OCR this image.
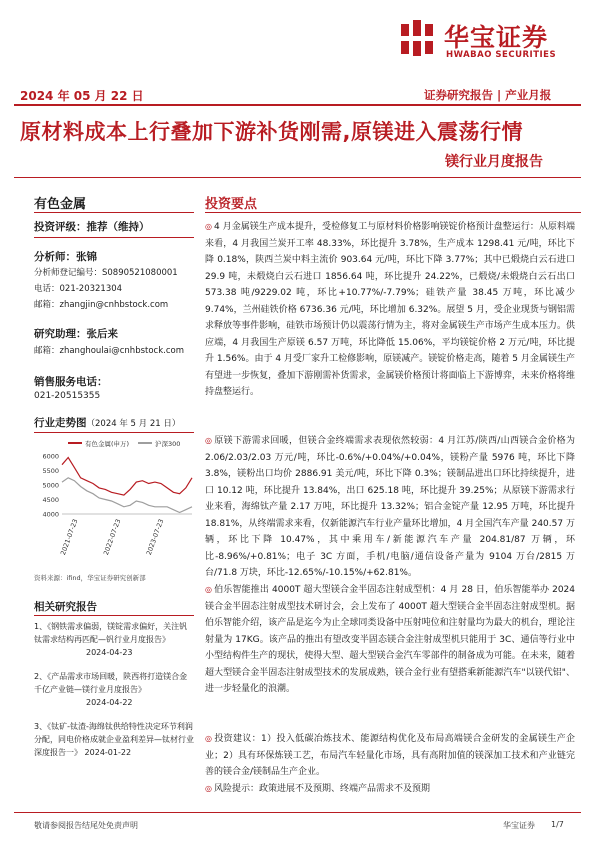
华宝证券
HWABAO SECURITIES
2024 年 05 月 22 日	证券研究报告 | 产业月报
原材料成本上行叠加下游补货刚需,原镁进入震荡行情
镁行业月度报告
有色金属
投资评级：推荐（维持）
分析师：张锦
分析师登记编号：S0890521080001
电话：021-20321304
邮箱：zhangjin@cnhbstock.com
研究助理：张后来
邮箱：zhanghoulai@cnhbstock.com
销售服务电话：
021-20515355
行业走势图（2024 年 5 月 21 日）
有色金属(申万)	沪深300
4000
4500
5000
5500
6000
2021-07-23	2022-07-23	2023-07-23
资料来源：ifind，华宝证券研究创新部
相关研究报告
1、《钢铁需求偏弱，镁锭需求偏好，关注钒钛需求结构再匹配—钒行业月度报告》
2024-04-23
2、《产品需求市场回暖，陕西将打造镁合金千亿产业链—镁行业月度报告》
2024-04-22
3、《钛矿-钛渣-海绵钛供给特性决定环节利润分配，同电价格成就企业盈利差异—钛材行业深度报告一》 2024-01-22
投资要点
◎ 4 月金属镁生产成本提升，受检修复工与原材料价格影响镁锭价格预计盘整运行：从原料端来看，4 月我国兰炭开工率 48.33%，环比提升 3.78%，生产成本 1298.41 元/吨，环比下降 0.18%，陕西兰炭中料主流价 903.64 元/吨，环比下降 3.77%；其中已煅烧白云石进口 29.9 吨，未煅烧白云石进口 1856.64 吨，环比提升 24.22%，已煅烧/未煅烧白云石出口 573.38 吨/9229.02 吨，环比+10.77%/-7.79%；硅铁产量 38.45 万吨，环比减少 9.74%，兰州硅铁价格 6736.36 元/吨，环比增加 6.32%。展望 5 月，受企业现货与钢铝需求释放等事件影响，硅铁市场预计仍以震荡行情为主，将对金属镁生产市场产生成本压力。供应端，4 月我国生产原镁 6.57 万吨，环比降低 15.06%，平均镁锭价格 2 万元/吨，环比提升 1.56%。由于 4 月受厂家升工检修影响，原镁减产。镁锭价格走高，随着 5 月金属镁生产有望进一步恢复，叠加下游刚需补货需求，金属镁价格预计将面临上下游博弈，未来价格将维持盘整运行。
◎ 原镁下游需求回暖，但镁合金终端需求表现依然较弱：4 月江苏/陕西/山西镁合金价格为 2.06/2.03/2.03 万元/吨，环比-0.6%/+0.04%/+0.04%，镁粉产量 5976 吨，环比下降 3.8%，镁粉出口均价 2886.91 美元/吨，环比下降 0.3%；镁制品进出口环比持续提升，进口 10.12 吨，环比提升 13.84%，出口 625.18 吨，环比提升 39.25%；从原镁下游需求行业来看，海绵钛产量 2.17 万吨，环比提升 13.32%；铝合金锭产量 12.95 万吨，环比提升 18.81%，从终端需求来看，仅新能源汽车行业产量环比增加，4 月全国汽车产量 240.57 万辆，环比下降 10.47%，其中乘用车/新能源汽车产量 204.81/87 万辆，环比-8.96%/+0.81%；电子 3C 方面，手机/电脑/通信设备产量为 9104 万台/2815 万台/71.8 万块，环比-12.65%/-10.15%/+62.81%。
◎ 伯乐智能推出 4000T 超大型镁合金半固态注射成型机：4 月 28 日，伯乐智能举办 2024 镁合金半固态注射成型技术研讨会，会上发布了 4000T 超大型镁合金半固态注射成型机。据伯乐智能介绍，该产品是迄今为止全球同类设备中压射吨位和注射量均为最大的机台，理论注射量为 17KG。该产品的推出有望改变半固态镁合金注射成型机只能用于 3C、通信等行业中小型结构件生产的现状，使得大型、超大型镁合金汽车零部件的制备成为可能。在未来，随着超大型镁合金半固态注射成型技术的发展成熟，镁合金行业有望搭乘新能源汽车"以镁代铝"、进一步轻量化的浪潮。
◎ 投资建议：1）投入低碳冶炼技术、能源结构优化及布局高端镁合金研发的金属镁生产企业；2）具有环保炼镁工艺，布局汽车轻量化市场，具有高附加值的镁深加工技术和产业链完善的镁合金/镁制品生产企业。
◎ 风险提示：政策进展不及预期、终端产品需求不及预期
敬请参阅报告结尾处免责声明	华宝证券 1/7
